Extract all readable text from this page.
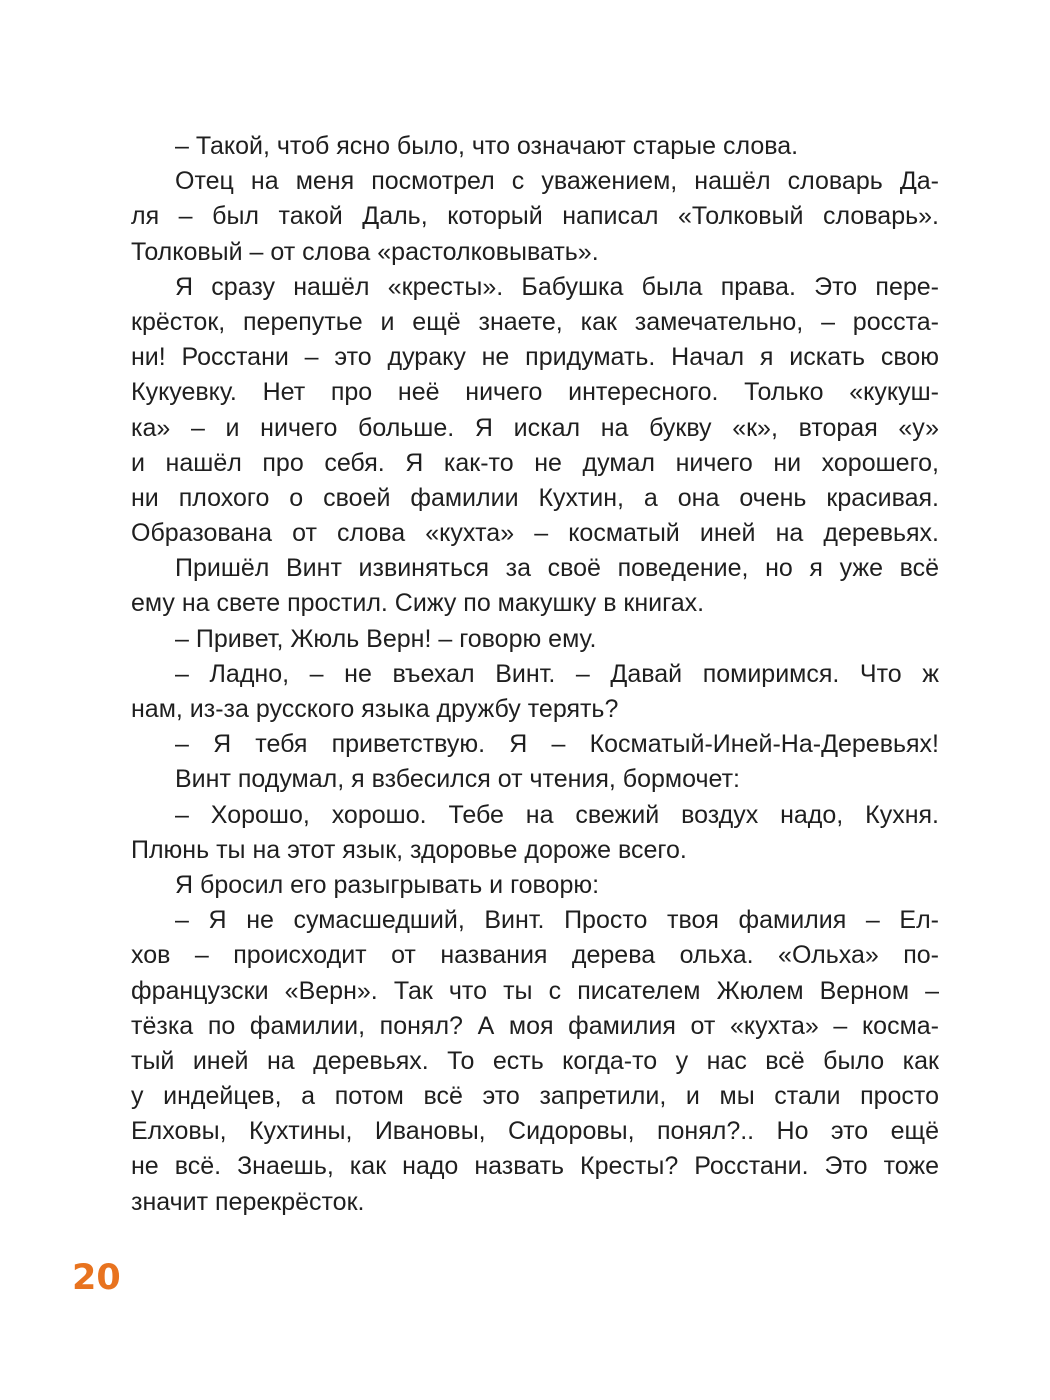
– Такой, чтоб ясно было, что означают старые слова.
Отец на меня посмотрел с уважением, нашёл словарь Да-
ля – был такой Даль, который написал «Толковый словарь».
Толковый – от слова «растолковывать».
Я сразу нашёл «кресты». Бабушка была права. Это пере-
крёсток, перепутье и ещё знаете, как замечательно, – росста-
ни! Росстани – это дураку не придумать. Начал я искать свою
Кукуевку. Нет про неё ничего интересного. Только «кукуш-
ка» – и ничего больше. Я искал на букву «к», вторая «у»
и нашёл про себя. Я как-то не думал ничего ни хорошего,
ни плохого о своей фамилии Кухтин, а она очень красивая.
Образована от слова «кухта» – косматый иней на деревьях.
Пришёл Винт извиняться за своё поведение, но я уже всё
ему на свете простил. Сижу по макушку в книгах.
– Привет, Жюль Верн! – говорю ему.
– Ладно, – не въехал Винт. – Давай помиримся. Что ж
нам, из-за русского языка дружбу терять?
– Я тебя приветствую. Я – Косматый-Иней-На-Деревьях!
Винт подумал, я взбесился от чтения, бормочет:
– Хорошо, хорошо. Тебе на свежий воздух надо, Кухня.
Плюнь ты на этот язык, здоровье дороже всего.
Я бросил его разыгрывать и говорю:
– Я не сумасшедший, Винт. Просто твоя фамилия – Ел-
хов – происходит от названия дерева ольха. «Ольха» по-
французски «Верн». Так что ты с писателем Жюлем Верном –
тёзка по фамилии, понял? А моя фамилия от «кухта» – косма-
тый иней на деревьях. То есть когда-то у нас всё было как
у индейцев, а потом всё это запретили, и мы стали просто
Елховы, Кухтины, Ивановы, Сидоровы, понял?.. Но это ещё
не всё. Знаешь, как надо назвать Кресты? Росстани. Это тоже
значит перекрёсток.
20
